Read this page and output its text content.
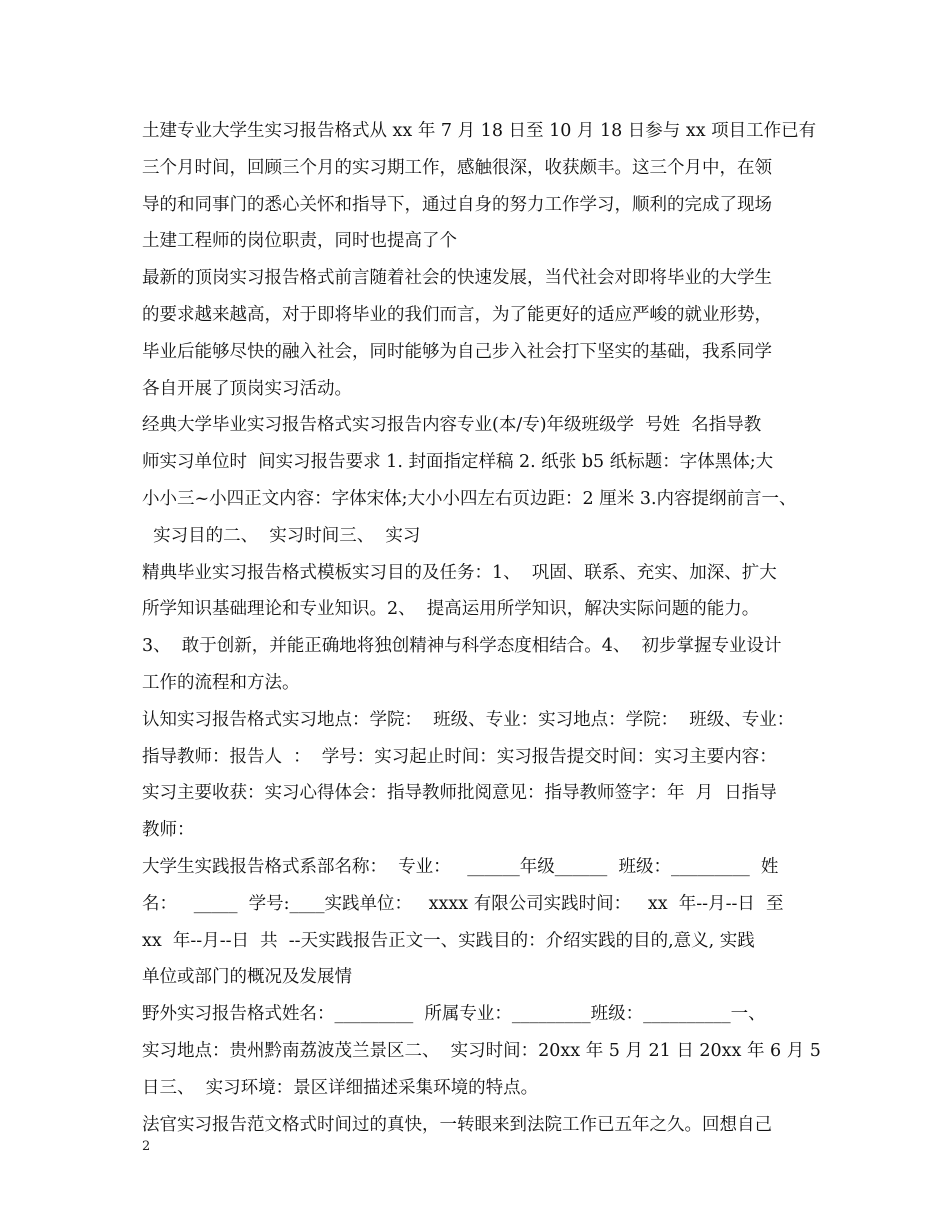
土建专业大学生实习报告格式从 xx 年 7 月 18 日至 10 月 18 日参与 xx 项目工作已有
三个月时间，回顾三个月的实习期工作，感触很深，收获颇丰。这三个月中，在领
导的和同事门的悉心关怀和指导下，通过自身的努力工作学习，顺利的完成了现场
土建工程师的岗位职责，同时也提高了个
最新的顶岗实习报告格式前言随着社会的快速发展，当代社会对即将毕业的大学生
的要求越来越高，对于即将毕业的我们而言，为了能更好的适应严峻的就业形势，
毕业后能够尽快的融入社会，同时能够为自己步入社会打下坚实的基础，我系同学
各自开展了顶岗实习活动。
经典大学毕业实习报告格式实习报告内容专业(本/专)年级班级学  号姓  名指导教
师实习单位时  间实习报告要求 1. 封面指定样稿 2. 纸张 b5 纸标题：字体黑体;大
小小三~小四正文内容：字体宋体;大小小四左右页边距：2 厘米 3.内容提纲前言一、
实习目的二、  实习时间三、  实习
精典毕业实习报告格式模板实习目的及任务：1、  巩固、联系、充实、加深、扩大
所学知识基础理论和专业知识。2、  提高运用所学知识，解决实际问题的能力。
3、  敢于创新，并能正确地将独创精神与科学态度相结合。4、  初步掌握专业设计
工作的流程和方法。
认知实习报告格式实习地点：学院：  班级、专业：实习地点：学院：  班级、专业：
指导教师：报告人  ：  学号：实习起止时间：实习报告提交时间：实习主要内容：
实习主要收获：实习心得体会：指导教师批阅意见：指导教师签字：年  月  日指导
教师：
大学生实践报告格式系部名称：  专业：   ______年级______  班级：_________  姓
名：   _____  学号:____实践单位：   xxxx 有限公司实践时间：   xx  年--月--日  至
xx  年--月--日  共  --天实践报告正文一、实践目的：介绍实践的目的,意义, 实践
单位或部门的概况及发展情
野外实习报告格式姓名：_________  所属专业：_________班级：__________一、
实习地点：贵州黔南荔波茂兰景区二、  实习时间：20xx 年 5 月 21 日 20xx 年 6 月 5
日三、  实习环境：景区详细描述采集环境的特点。
法官实习报告范文格式时间过的真快，一转眼来到法院工作已五年之久。回想自己
2
